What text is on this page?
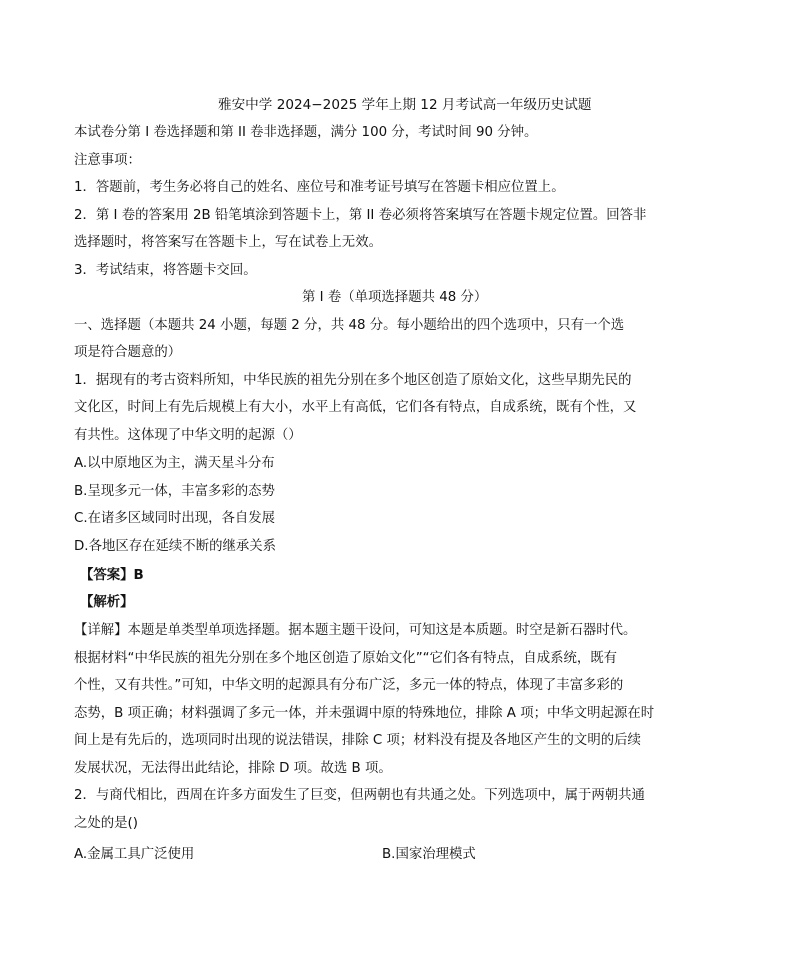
雅安中学 2024−2025 学年上期 12 月考试高一年级历史试题
本试卷分第 I 卷选择题和第 II 卷非选择题，满分 100 分，考试时间 90 分钟。
注意事项：
1．答题前，考生务必将自己的姓名、座位号和准考证号填写在答题卡相应位置上。
2．第 I 卷的答案用 2B 铅笔填涂到答题卡上，第 II 卷必须将答案填写在答题卡规定位置。回答非
选择题时，将答案写在答题卡上，写在试卷上无效。
3．考试结束，将答题卡交回。
第 I 卷（单项选择题共 48 分）
一、选择题（本题共 24 小题，每题 2 分，共 48 分。每小题给出的四个选项中，只有一个选
项是符合题意的）
1．据现有的考古资料所知，中华民族的祖先分别在多个地区创造了原始文化，这些早期先民的
文化区，时间上有先后规模上有大小，水平上有高低，它们各有特点，自成系统，既有个性，又
有共性。这体现了中华文明的起源（）
A.以中原地区为主，满天星斗分布
B.呈现多元一体，丰富多彩的态势
C.在诸多区域同时出现，各自发展
D.各地区存在延续不断的继承关系
【答案】B
【解析】
【详解】本题是单类型单项选择题。据本题主题干设问，可知这是本质题。时空是新石器时代。
根据材料“中华民族的祖先分别在多个地区创造了原始文化”“它们各有特点，自成系统，既有
个性，又有共性。”可知，中华文明的起源具有分布广泛，多元一体的特点，体现了丰富多彩的
态势，B 项正确；材料强调了多元一体，并未强调中原的特殊地位，排除 A 项；中华文明起源在时
间上是有先后的，选项同时出现的说法错误，排除 C 项；材料没有提及各地区产生的文明的后续
发展状况，无法得出此结论，排除 D 项。故选 B 项。
2．与商代相比，西周在许多方面发生了巨变，但两朝也有共通之处。下列选项中，属于两朝共通
之处的是()
A.金属工具广泛使用	B.国家治理模式
